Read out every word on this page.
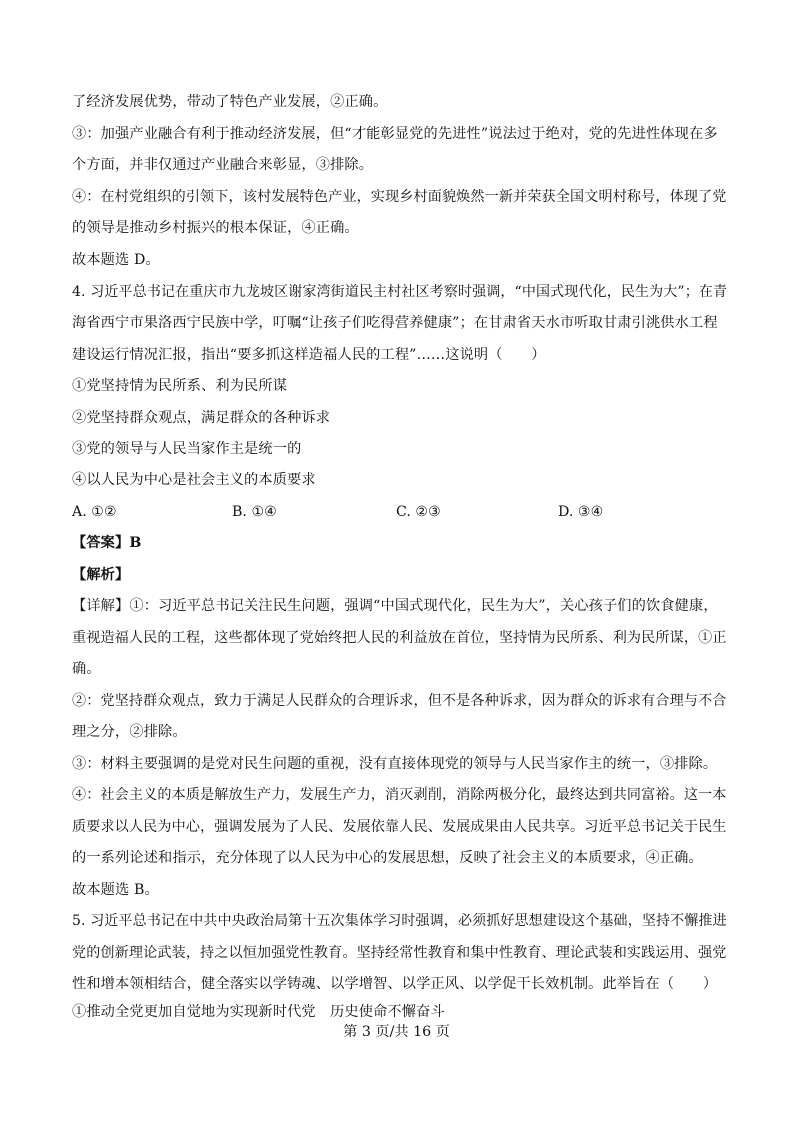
了经济发展优势，带动了特色产业发展，②正确。
③：加强产业融合有利于推动经济发展，但“才能彰显党的先进性”说法过于绝对，党的先进性体现在多
个方面，并非仅通过产业融合来彰显，③排除。
④：在村党组织的引领下，该村发展特色产业，实现乡村面貌焕然一新并荣获全国文明村称号，体现了党
的领导是推动乡村振兴的根本保证，④正确。
故本题选 D。
4. 习近平总书记在重庆市九龙坡区谢家湾街道民主村社区考察时强调，“中国式现代化，民生为大”；在青
海省西宁市果洛西宁民族中学，叮嘱“让孩子们吃得营养健康”；在甘肃省天水市听取甘肃引洮供水工程
建设运行情况汇报，指出“要多抓这样造福人民的工程”……这说明（　　）
①党坚持情为民所系、利为民所谋
②党坚持群众观点，满足群众的各种诉求
③党的领导与人民当家作主是统一的
④以人民为中心是社会主义的本质要求
A. ①②	B. ①④	C. ②③	D. ③④
【答案】B
【解析】
【详解】①：习近平总书记关注民生问题，强调“中国式现代化，民生为大”，关心孩子们的饮食健康，
重视造福人民的工程，这些都体现了党始终把人民的利益放在首位，坚持情为民所系、利为民所谋，①正
确。
②：党坚持群众观点，致力于满足人民群众的合理诉求，但不是各种诉求，因为群众的诉求有合理与不合
理之分，②排除。
③：材料主要强调的是党对民生问题的重视，没有直接体现党的领导与人民当家作主的统一，③排除。
④：社会主义的本质是解放生产力，发展生产力，消灭剥削，消除两极分化，最终达到共同富裕。这一本
质要求以人民为中心，强调发展为了人民、发展依靠人民、发展成果由人民共享。习近平总书记关于民生
的一系列论述和指示，充分体现了以人民为中心的发展思想，反映了社会主义的本质要求，④正确。
故本题选 B。
5. 习近平总书记在中共中央政治局第十五次集体学习时强调，必须抓好思想建设这个基础，坚持不懈推进
党的创新理论武装，持之以恒加强党性教育。坚持经常性教育和集中性教育、理论武装和实践运用、强党
性和增本领相结合，健全落实以学铸魂、以学增智、以学正风、以学促干长效机制。此举旨在（　　）
①推动全党更加自觉地为实现新时代党　历史使命不懈奋斗
第 3 页/共 16 页
